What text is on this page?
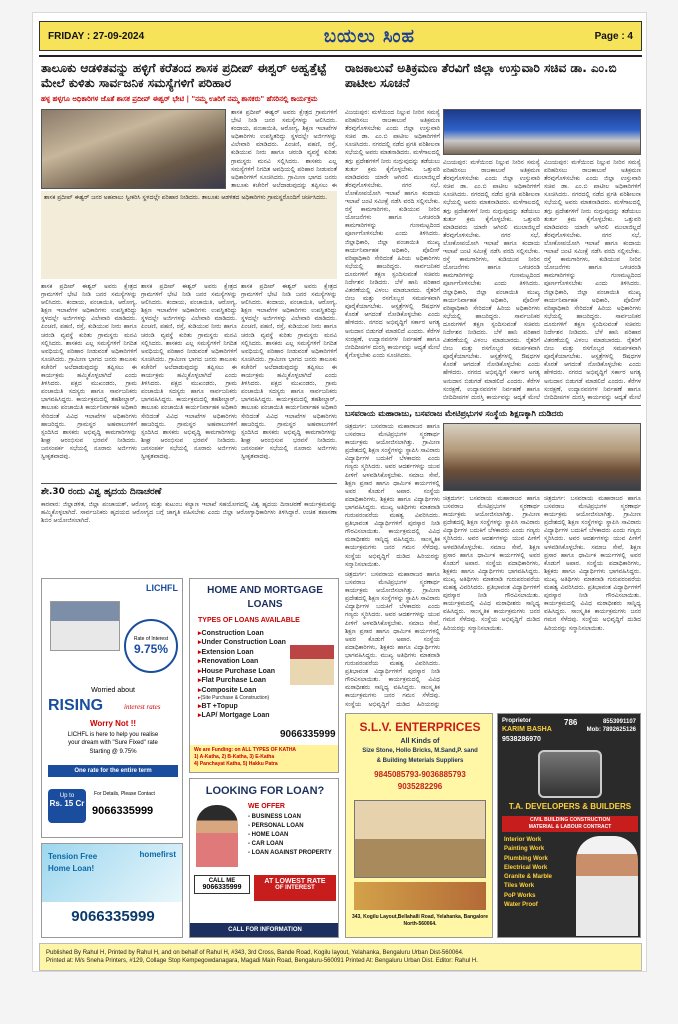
FRIDAY : 27-09-2024	ಬಯಲು ಸಿಂಹ	Page : 4
ತಾಲೂಕು ಆಡಳಿತವನ್ನು ಹಳ್ಳಿಗೆ ಕರೆತಂದ ಶಾಸಕ ಪ್ರದೀಪ್ ಈಶ್ವರ್ ಅಹ್ವತ್ತೆಟ್ಟೆ ಮೇಲೆ ಕುಳಿತು ಸಾರ್ವಜನಿಕ ಸಮಸ್ಯೆಗಳಿಗೆ ಪರಿಹಾರ
ಹಳ್ಳ ಹಳ್ಳಗೂ ಅಧಿಕಾರಿಗಳ ಜೊತೆ ಶಾಸಕ ಪ್ರದೀಪ್ ಈಶ್ವರ್ ಭೇಟಿ | "ನಮ್ಮ ಊರಿಗೆ ನಮ್ಮ ಶಾಸಕರು" ಹೆಸರಿನಲ್ಲಿ ಕಾರ್ಯಕ್ರಮ
ಶಾಸಕ ಪ್ರದೀಪ್ ಈಶ್ವರ್ ಜನರ ಅಹವಾಲು ಸ್ವೀಕರಿಸಿ ಸ್ಥಳದಲ್ಲೇ ಪರಿಹಾರ ನೀಡಿದರು. ತಾಲೂಕು ಆಡಳಿತದ ಅಧಿಕಾರಿಗಳು ಗ್ರಾಮಸ್ಥರೊಂದಿಗೆ ಚರ್ಚಿಸಿದರು.
ಶಾಸಕ ಪ್ರದೀಪ್ ಈಶ್ವರ್ ಅವರು ಕ್ಷೇತ್ರದ ಗ್ರಾಮಗಳಿಗೆ ಭೇಟಿ ನೀಡಿ ಜನರ ಸಮಸ್ಯೆಗಳನ್ನು ಆಲಿಸಿದರು. ಕಂದಾಯ, ಪಂಚಾಯಿತಿ, ಆರೋಗ್ಯ, ಶಿಕ್ಷಣ ಇಲಾಖೆಗಳ ಅಧಿಕಾರಿಗಳು ಉಪಸ್ಥಿತರಿದ್ದು ಸ್ಥಳದಲ್ಲೇ ಅರ್ಜಿಗಳನ್ನು ವಿಲೇವಾರಿ ಮಾಡಿದರು. ಪಿಂಚಣಿ, ಪಹಣಿ, ರಸ್ತೆ, ಕುಡಿಯುವ ನೀರು ಹಾಗೂ ಚರಂಡಿ ವ್ಯವಸ್ಥೆ ಕುರಿತು ಗ್ರಾಮಸ್ಥರು ಮನವಿ ಸಲ್ಲಿಸಿದರು. ಶಾಸಕರು ಎಲ್ಲ ಸಮಸ್ಯೆಗಳಿಗೆ ನಿಗದಿತ ಅವಧಿಯಲ್ಲಿ ಪರಿಹಾರ ನೀಡುವಂತೆ ಅಧಿಕಾರಿಗಳಿಗೆ ಸೂಚಿಸಿದರು. ಗ್ರಾಮೀಣ ಭಾಗದ ಜನರು ತಾಲೂಕು ಕಚೇರಿಗೆ ಅಲೆದಾಡುವುದನ್ನು ತಪ್ಪಿಸಲು ಈ
ಶಾಸಕ ಪ್ರದೀಪ್ ಈಶ್ವರ್ ಅವರು ಕ್ಷೇತ್ರದ ಗ್ರಾಮಗಳಿಗೆ ಭೇಟಿ ನೀಡಿ ಜನರ ಸಮಸ್ಯೆಗಳನ್ನು ಆಲಿಸಿದರು. ಕಂದಾಯ, ಪಂಚಾಯಿತಿ, ಆರೋಗ್ಯ, ಶಿಕ್ಷಣ ಇಲಾಖೆಗಳ ಅಧಿಕಾರಿಗಳು ಉಪಸ್ಥಿತರಿದ್ದು ಸ್ಥಳದಲ್ಲೇ ಅರ್ಜಿಗಳನ್ನು ವಿಲೇವಾರಿ ಮಾಡಿದರು. ಪಿಂಚಣಿ, ಪಹಣಿ, ರಸ್ತೆ, ಕುಡಿಯುವ ನೀರು ಹಾಗೂ ಚರಂಡಿ ವ್ಯವಸ್ಥೆ ಕುರಿತು ಗ್ರಾಮಸ್ಥರು ಮನವಿ ಸಲ್ಲಿಸಿದರು. ಶಾಸಕರು ಎಲ್ಲ ಸಮಸ್ಯೆಗಳಿಗೆ ನಿಗದಿತ ಅವಧಿಯಲ್ಲಿ ಪರಿಹಾರ ನೀಡುವಂತೆ ಅಧಿಕಾರಿಗಳಿಗೆ ಸೂಚಿಸಿದರು. ಗ್ರಾಮೀಣ ಭಾಗದ ಜನರು ತಾಲೂಕು ಕಚೇರಿಗೆ ಅಲೆದಾಡುವುದನ್ನು ತಪ್ಪಿಸಲು ಈ ಕಾರ್ಯಕ್ರಮ ಹಮ್ಮಿಕೊಳ್ಳಲಾಗಿದೆ ಎಂದು ತಿಳಿಸಿದರು. ಪಕ್ಷದ ಮುಖಂಡರು, ಗ್ರಾಮ ಪಂಚಾಯಿತಿ ಸದಸ್ಯರು ಹಾಗೂ ಸಾರ್ವಜನಿಕರು ಭಾಗವಹಿಸಿದ್ದರು. ಕಾರ್ಯಕ್ರಮದಲ್ಲಿ ತಹಶೀಲ್ದಾರ್, ತಾಲೂಕು ಪಂಚಾಯಿತಿ ಕಾರ್ಯನಿರ್ವಾಹಕ ಅಧಿಕಾರಿ ಸೇರಿದಂತೆ ವಿವಿಧ ಇಲಾಖೆಗಳ ಅಧಿಕಾರಿಗಳು ಹಾಜರಿದ್ದರು. ಗ್ರಾಮಸ್ಥರ ಅಹವಾಲುಗಳಿಗೆ ಸ್ಪಂದಿಸಿದ ಶಾಸಕರು ಅಭಿವೃದ್ಧಿ ಕಾಮಗಾರಿಗಳನ್ನು ಶೀಘ್ರ ಆರಂಭಿಸುವ ಭರವಸೆ ನೀಡಿದರು. ಜನಸಂಪರ್ಕ ಸಭೆಯಲ್ಲಿ ನೂರಾರು ಅರ್ಜಿಗಳು ಸ್ವೀಕೃತವಾದವು.
ಶಾಸಕ ಪ್ರದೀಪ್ ಈಶ್ವರ್ ಅವರು ಕ್ಷೇತ್ರದ ಗ್ರಾಮಗಳಿಗೆ ಭೇಟಿ ನೀಡಿ ಜನರ ಸಮಸ್ಯೆಗಳನ್ನು ಆಲಿಸಿದರು. ಕಂದಾಯ, ಪಂಚಾಯಿತಿ, ಆರೋಗ್ಯ, ಶಿಕ್ಷಣ ಇಲಾಖೆಗಳ ಅಧಿಕಾರಿಗಳು ಉಪಸ್ಥಿತರಿದ್ದು ಸ್ಥಳದಲ್ಲೇ ಅರ್ಜಿಗಳನ್ನು ವಿಲೇವಾರಿ ಮಾಡಿದರು. ಪಿಂಚಣಿ, ಪಹಣಿ, ರಸ್ತೆ, ಕುಡಿಯುವ ನೀರು ಹಾಗೂ ಚರಂಡಿ ವ್ಯವಸ್ಥೆ ಕುರಿತು ಗ್ರಾಮಸ್ಥರು ಮನವಿ ಸಲ್ಲಿಸಿದರು. ಶಾಸಕರು ಎಲ್ಲ ಸಮಸ್ಯೆಗಳಿಗೆ ನಿಗದಿತ ಅವಧಿಯಲ್ಲಿ ಪರಿಹಾರ ನೀಡುವಂತೆ ಅಧಿಕಾರಿಗಳಿಗೆ ಸೂಚಿಸಿದರು. ಗ್ರಾಮೀಣ ಭಾಗದ ಜನರು ತಾಲೂಕು ಕಚೇರಿಗೆ ಅಲೆದಾಡುವುದನ್ನು ತಪ್ಪಿಸಲು ಈ ಕಾರ್ಯಕ್ರಮ ಹಮ್ಮಿಕೊಳ್ಳಲಾಗಿದೆ ಎಂದು ತಿಳಿಸಿದರು. ಪಕ್ಷದ ಮುಖಂಡರು, ಗ್ರಾಮ ಪಂಚಾಯಿತಿ ಸದಸ್ಯರು ಹಾಗೂ ಸಾರ್ವಜನಿಕರು ಭಾಗವಹಿಸಿದ್ದರು. ಕಾರ್ಯಕ್ರಮದಲ್ಲಿ ತಹಶೀಲ್ದಾರ್, ತಾಲೂಕು ಪಂಚಾಯಿತಿ ಕಾರ್ಯನಿರ್ವಾಹಕ ಅಧಿಕಾರಿ ಸೇರಿದಂತೆ ವಿವಿಧ ಇಲಾಖೆಗಳ ಅಧಿಕಾರಿಗಳು ಹಾಜರಿದ್ದರು. ಗ್ರಾಮಸ್ಥರ ಅಹವಾಲುಗಳಿಗೆ ಸ್ಪಂದಿಸಿದ ಶಾಸಕರು ಅಭಿವೃದ್ಧಿ ಕಾಮಗಾರಿಗಳನ್ನು ಶೀಘ್ರ ಆರಂಭಿಸುವ ಭರವಸೆ ನೀಡಿದರು. ಜನಸಂಪರ್ಕ ಸಭೆಯಲ್ಲಿ ನೂರಾರು ಅರ್ಜಿಗಳು ಸ್ವೀಕೃತವಾದವು.
ಶಾಸಕ ಪ್ರದೀಪ್ ಈಶ್ವರ್ ಅವರು ಕ್ಷೇತ್ರದ ಗ್ರಾಮಗಳಿಗೆ ಭೇಟಿ ನೀಡಿ ಜನರ ಸಮಸ್ಯೆಗಳನ್ನು ಆಲಿಸಿದರು. ಕಂದಾಯ, ಪಂಚಾಯಿತಿ, ಆರೋಗ್ಯ, ಶಿಕ್ಷಣ ಇಲಾಖೆಗಳ ಅಧಿಕಾರಿಗಳು ಉಪಸ್ಥಿತರಿದ್ದು ಸ್ಥಳದಲ್ಲೇ ಅರ್ಜಿಗಳನ್ನು ವಿಲೇವಾರಿ ಮಾಡಿದರು. ಪಿಂಚಣಿ, ಪಹಣಿ, ರಸ್ತೆ, ಕುಡಿಯುವ ನೀರು ಹಾಗೂ ಚರಂಡಿ ವ್ಯವಸ್ಥೆ ಕುರಿತು ಗ್ರಾಮಸ್ಥರು ಮನವಿ ಸಲ್ಲಿಸಿದರು. ಶಾಸಕರು ಎಲ್ಲ ಸಮಸ್ಯೆಗಳಿಗೆ ನಿಗದಿತ ಅವಧಿಯಲ್ಲಿ ಪರಿಹಾರ ನೀಡುವಂತೆ ಅಧಿಕಾರಿಗಳಿಗೆ ಸೂಚಿಸಿದರು. ಗ್ರಾಮೀಣ ಭಾಗದ ಜನರು ತಾಲೂಕು ಕಚೇರಿಗೆ ಅಲೆದಾಡುವುದನ್ನು ತಪ್ಪಿಸಲು ಈ ಕಾರ್ಯಕ್ರಮ ಹಮ್ಮಿಕೊಳ್ಳಲಾಗಿದೆ ಎಂದು ತಿಳಿಸಿದರು. ಪಕ್ಷದ ಮುಖಂಡರು, ಗ್ರಾಮ ಪಂಚಾಯಿತಿ ಸದಸ್ಯರು ಹಾಗೂ ಸಾರ್ವಜನಿಕರು ಭಾಗವಹಿಸಿದ್ದರು. ಕಾರ್ಯಕ್ರಮದಲ್ಲಿ ತಹಶೀಲ್ದಾರ್, ತಾಲೂಕು ಪಂಚಾಯಿತಿ ಕಾರ್ಯನಿರ್ವಾಹಕ ಅಧಿಕಾರಿ ಸೇರಿದಂತೆ ವಿವಿಧ ಇಲಾಖೆಗಳ ಅಧಿಕಾರಿಗಳು ಹಾಜರಿದ್ದರು. ಗ್ರಾಮಸ್ಥರ ಅಹವಾಲುಗಳಿಗೆ ಸ್ಪಂದಿಸಿದ ಶಾಸಕರು ಅಭಿವೃದ್ಧಿ ಕಾಮಗಾರಿಗಳನ್ನು ಶೀಘ್ರ ಆರಂಭಿಸುವ ಭರವಸೆ ನೀಡಿದರು. ಜನಸಂಪರ್ಕ ಸಭೆಯಲ್ಲಿ ನೂರಾರು ಅರ್ಜಿಗಳು ಸ್ವೀಕೃತವಾದವು.
ಶೇ.30 ರಂದು ವಿಶ್ವ ಹೃದಯ ದಿನಾಚರಣೆ
ಕಾರವಾರ: ಜಿಲ್ಲಾಡಳಿತ, ಜಿಲ್ಲಾ ಪಂಚಾಯತ್, ಆರೋಗ್ಯ ಮತ್ತು ಕುಟುಂಬ ಕಲ್ಯಾಣ ಇಲಾಖೆ ಸಹಯೋಗದಲ್ಲಿ ವಿಶ್ವ ಹೃದಯ ದಿನಾಚರಣೆ ಕಾರ್ಯಕ್ರಮವನ್ನು ಹಮ್ಮಿಕೊಳ್ಳಲಾಗಿದೆ. ಸಾರ್ವಜನಿಕರು ಹೃದಯದ ಆರೋಗ್ಯದ ಬಗ್ಗೆ ಜಾಗೃತಿ ವಹಿಸಬೇಕು ಎಂದು ಜಿಲ್ಲಾ ಆರೋಗ್ಯಾಧಿಕಾರಿಗಳು ತಿಳಿಸಿದ್ದಾರೆ. ಉಚಿತ ತಪಾಸಣಾ ಶಿಬಿರ ಆಯೋಜಿಸಲಾಗಿದೆ.
ರಾಜಕಾಲುವೆ ಅತಿಕ್ರಮಣ ತೆರವಿಗೆ ಜಿಲ್ಲಾ ಉಸ್ತುವಾರಿ ಸಚಿವ ಡಾ. ಎಂ.ಬಿ ಪಾಟೀಲ ಸೂಚನೆ
ವಿಜಯಪುರ: ಮಳೆಯಿಂದ ನಿಲ್ಲುವ ನೀರಿನ ಸಮಸ್ಯೆ ಪರಿಹರಿಸಲು ರಾಜಕಾಲುವೆ ಅತಿಕ್ರಮಣ ತೆರವುಗೊಳಿಸಬೇಕು ಎಂದು ಜಿಲ್ಲಾ ಉಸ್ತುವಾರಿ ಸಚಿವ ಡಾ. ಎಂ.ಬಿ ಪಾಟೀಲ ಅಧಿಕಾರಿಗಳಿಗೆ ಸೂಚಿಸಿದರು. ನಗರದಲ್ಲಿ ನಡೆದ ಪ್ರಗತಿ ಪರಿಶೀಲನಾ ಸಭೆಯಲ್ಲಿ ಅವರು ಮಾತನಾಡಿದರು. ಮಳೆಗಾಲದಲ್ಲಿ ತಗ್ಗು ಪ್ರದೇಶಗಳಿಗೆ ನೀರು ನುಗ್ಗುವುದನ್ನು ತಡೆಯಲು ತುರ್ತು ಕ್ರಮ ಕೈಗೊಳ್ಳಬೇಕು. ಒತ್ತುವರಿ ಮಾಡಿದವರು ಯಾರೇ ಆಗಿರಲಿ ಮುಲಾಜಿಲ್ಲದೆ ತೆರವುಗೊಳಿಸಬೇಕು. ನಗರ ಸಭೆ, ಲೋಕೋಪಯೋಗಿ ಇಲಾಖೆ ಹಾಗೂ ಕಂದಾಯ ಇಲಾಖೆ ಜಂಟಿ ಸಮೀಕ್ಷೆ ನಡೆಸಿ ವರದಿ ಸಲ್ಲಿಸಬೇಕು. ರಸ್ತೆ ಕಾಮಗಾರಿಗಳು, ಕುಡಿಯುವ ನೀರಿನ ಯೋಜನೆಗಳು ಹಾಗೂ ಒಳಚರಂಡಿ ಕಾಮಗಾರಿಗಳನ್ನು ಗುಣಮಟ್ಟದಿಂದ ಪೂರ್ಣಗೊಳಿಸಬೇಕು ಎಂದು ತಿಳಿಸಿದರು. ಜಿಲ್ಲಾಧಿಕಾರಿ, ಜಿಲ್ಲಾ ಪಂಚಾಯಿತಿ ಮುಖ್ಯ ಕಾರ್ಯನಿರ್ವಾಹಕ ಅಧಿಕಾರಿ, ಪೊಲೀಸ್ ವರಿಷ್ಠಾಧಿಕಾರಿ ಸೇರಿದಂತೆ ಹಿರಿಯ ಅಧಿಕಾರಿಗಳು ಸಭೆಯಲ್ಲಿ ಹಾಜರಿದ್ದರು. ಸಾರ್ವಜನಿಕರ ದೂರುಗಳಿಗೆ ತಕ್ಷಣ ಸ್ಪಂದಿಸುವಂತೆ ಸಚಿವರು ನಿರ್ದೇಶನ ನೀಡಿದರು. ಬೆಳೆ ಹಾನಿ ಪರಿಹಾರ ವಿತರಣೆಯಲ್ಲಿ ವಿಳಂಬ ಮಾಡಬಾರದು. ರೈತರಿಗೆ ಬೀಜ ಮತ್ತು ರಸಗೊಬ್ಬರ ಸಮರ್ಪಕವಾಗಿ ಪೂರೈಕೆಯಾಗಬೇಕು. ಆಸ್ಪತ್ರೆಗಳಲ್ಲಿ ಔಷಧಗಳ ಕೊರತೆ ಆಗದಂತೆ ನೋಡಿಕೊಳ್ಳಬೇಕು ಎಂದು ಹೇಳಿದರು. ನಗರದ ಅಭಿವೃದ್ಧಿಗೆ ಸರ್ಕಾರ ಅಗತ್ಯ ಅನುದಾನ ಬಿಡುಗಡೆ ಮಾಡಲಿದೆ ಎಂದರು. ಕೆರೆಗಳ ಸಂರಕ್ಷಣೆ, ಉದ್ಯಾನವನಗಳ ನಿರ್ವಹಣೆ ಹಾಗೂ ಬೀದಿದೀಪಗಳ ದುರಸ್ತಿ ಕಾರ್ಯವನ್ನು ಆದ್ಯತೆ ಮೇಲೆ ಕೈಗೊಳ್ಳಬೇಕು ಎಂದು ಸೂಚಿಸಿದರು.
ವಿಜಯಪುರ: ಮಳೆಯಿಂದ ನಿಲ್ಲುವ ನೀರಿನ ಸಮಸ್ಯೆ ಪರಿಹರಿಸಲು ರಾಜಕಾಲುವೆ ಅತಿಕ್ರಮಣ ತೆರವುಗೊಳಿಸಬೇಕು ಎಂದು ಜಿಲ್ಲಾ ಉಸ್ತುವಾರಿ ಸಚಿವ ಡಾ. ಎಂ.ಬಿ ಪಾಟೀಲ ಅಧಿಕಾರಿಗಳಿಗೆ ಸೂಚಿಸಿದರು. ನಗರದಲ್ಲಿ ನಡೆದ ಪ್ರಗತಿ ಪರಿಶೀಲನಾ ಸಭೆಯಲ್ಲಿ ಅವರು ಮಾತನಾಡಿದರು. ಮಳೆಗಾಲದಲ್ಲಿ ತಗ್ಗು ಪ್ರದೇಶಗಳಿಗೆ ನೀರು ನುಗ್ಗುವುದನ್ನು ತಡೆಯಲು ತುರ್ತು ಕ್ರಮ ಕೈಗೊಳ್ಳಬೇಕು. ಒತ್ತುವರಿ ಮಾಡಿದವರು ಯಾರೇ ಆಗಿರಲಿ ಮುಲಾಜಿಲ್ಲದೆ ತೆರವುಗೊಳಿಸಬೇಕು. ನಗರ ಸಭೆ, ಲೋಕೋಪಯೋಗಿ ಇಲಾಖೆ ಹಾಗೂ ಕಂದಾಯ ಇಲಾಖೆ ಜಂಟಿ ಸಮೀಕ್ಷೆ ನಡೆಸಿ ವರದಿ ಸಲ್ಲಿಸಬೇಕು. ರಸ್ತೆ ಕಾಮಗಾರಿಗಳು, ಕುಡಿಯುವ ನೀರಿನ ಯೋಜನೆಗಳು ಹಾಗೂ ಒಳಚರಂಡಿ ಕಾಮಗಾರಿಗಳನ್ನು ಗುಣಮಟ್ಟದಿಂದ ಪೂರ್ಣಗೊಳಿಸಬೇಕು ಎಂದು ತಿಳಿಸಿದರು. ಜಿಲ್ಲಾಧಿಕಾರಿ, ಜಿಲ್ಲಾ ಪಂಚಾಯಿತಿ ಮುಖ್ಯ ಕಾರ್ಯನಿರ್ವಾಹಕ ಅಧಿಕಾರಿ, ಪೊಲೀಸ್ ವರಿಷ್ಠಾಧಿಕಾರಿ ಸೇರಿದಂತೆ ಹಿರಿಯ ಅಧಿಕಾರಿಗಳು ಸಭೆಯಲ್ಲಿ ಹಾಜರಿದ್ದರು. ಸಾರ್ವಜನಿಕರ ದೂರುಗಳಿಗೆ ತಕ್ಷಣ ಸ್ಪಂದಿಸುವಂತೆ ಸಚಿವರು ನಿರ್ದೇಶನ ನೀಡಿದರು. ಬೆಳೆ ಹಾನಿ ಪರಿಹಾರ ವಿತರಣೆಯಲ್ಲಿ ವಿಳಂಬ ಮಾಡಬಾರದು. ರೈತರಿಗೆ ಬೀಜ ಮತ್ತು ರಸಗೊಬ್ಬರ ಸಮರ್ಪಕವಾಗಿ ಪೂರೈಕೆಯಾಗಬೇಕು. ಆಸ್ಪತ್ರೆಗಳಲ್ಲಿ ಔಷಧಗಳ ಕೊರತೆ ಆಗದಂತೆ ನೋಡಿಕೊಳ್ಳಬೇಕು ಎಂದು ಹೇಳಿದರು. ನಗರದ ಅಭಿವೃದ್ಧಿಗೆ ಸರ್ಕಾರ ಅಗತ್ಯ ಅನುದಾನ ಬಿಡುಗಡೆ ಮಾಡಲಿದೆ ಎಂದರು. ಕೆರೆಗಳ ಸಂರಕ್ಷಣೆ, ಉದ್ಯಾನವನಗಳ ನಿರ್ವಹಣೆ ಹಾಗೂ ಬೀದಿದೀಪಗಳ ದುರಸ್ತಿ ಕಾರ್ಯವನ್ನು ಆದ್ಯತೆ ಮೇಲೆ
ವಿಜಯಪುರ: ಮಳೆಯಿಂದ ನಿಲ್ಲುವ ನೀರಿನ ಸಮಸ್ಯೆ ಪರಿಹರಿಸಲು ರಾಜಕಾಲುವೆ ಅತಿಕ್ರಮಣ ತೆರವುಗೊಳಿಸಬೇಕು ಎಂದು ಜಿಲ್ಲಾ ಉಸ್ತುವಾರಿ ಸಚಿವ ಡಾ. ಎಂ.ಬಿ ಪಾಟೀಲ ಅಧಿಕಾರಿಗಳಿಗೆ ಸೂಚಿಸಿದರು. ನಗರದಲ್ಲಿ ನಡೆದ ಪ್ರಗತಿ ಪರಿಶೀಲನಾ ಸಭೆಯಲ್ಲಿ ಅವರು ಮಾತನಾಡಿದರು. ಮಳೆಗಾಲದಲ್ಲಿ ತಗ್ಗು ಪ್ರದೇಶಗಳಿಗೆ ನೀರು ನುಗ್ಗುವುದನ್ನು ತಡೆಯಲು ತುರ್ತು ಕ್ರಮ ಕೈಗೊಳ್ಳಬೇಕು. ಒತ್ತುವರಿ ಮಾಡಿದವರು ಯಾರೇ ಆಗಿರಲಿ ಮುಲಾಜಿಲ್ಲದೆ ತೆರವುಗೊಳಿಸಬೇಕು. ನಗರ ಸಭೆ, ಲೋಕೋಪಯೋಗಿ ಇಲಾಖೆ ಹಾಗೂ ಕಂದಾಯ ಇಲಾಖೆ ಜಂಟಿ ಸಮೀಕ್ಷೆ ನಡೆಸಿ ವರದಿ ಸಲ್ಲಿಸಬೇಕು. ರಸ್ತೆ ಕಾಮಗಾರಿಗಳು, ಕುಡಿಯುವ ನೀರಿನ ಯೋಜನೆಗಳು ಹಾಗೂ ಒಳಚರಂಡಿ ಕಾಮಗಾರಿಗಳನ್ನು ಗುಣಮಟ್ಟದಿಂದ ಪೂರ್ಣಗೊಳಿಸಬೇಕು ಎಂದು ತಿಳಿಸಿದರು. ಜಿಲ್ಲಾಧಿಕಾರಿ, ಜಿಲ್ಲಾ ಪಂಚಾಯಿತಿ ಮುಖ್ಯ ಕಾರ್ಯನಿರ್ವಾಹಕ ಅಧಿಕಾರಿ, ಪೊಲೀಸ್ ವರಿಷ್ಠಾಧಿಕಾರಿ ಸೇರಿದಂತೆ ಹಿರಿಯ ಅಧಿಕಾರಿಗಳು ಸಭೆಯಲ್ಲಿ ಹಾಜರಿದ್ದರು. ಸಾರ್ವಜನಿಕರ ದೂರುಗಳಿಗೆ ತಕ್ಷಣ ಸ್ಪಂದಿಸುವಂತೆ ಸಚಿವರು ನಿರ್ದೇಶನ ನೀಡಿದರು. ಬೆಳೆ ಹಾನಿ ಪರಿಹಾರ ವಿತರಣೆಯಲ್ಲಿ ವಿಳಂಬ ಮಾಡಬಾರದು. ರೈತರಿಗೆ ಬೀಜ ಮತ್ತು ರಸಗೊಬ್ಬರ ಸಮರ್ಪಕವಾಗಿ ಪೂರೈಕೆಯಾಗಬೇಕು. ಆಸ್ಪತ್ರೆಗಳಲ್ಲಿ ಔಷಧಗಳ ಕೊರತೆ ಆಗದಂತೆ ನೋಡಿಕೊಳ್ಳಬೇಕು ಎಂದು ಹೇಳಿದರು. ನಗರದ ಅಭಿವೃದ್ಧಿಗೆ ಸರ್ಕಾರ ಅಗತ್ಯ ಅನುದಾನ ಬಿಡುಗಡೆ ಮಾಡಲಿದೆ ಎಂದರು. ಕೆರೆಗಳ ಸಂರಕ್ಷಣೆ, ಉದ್ಯಾನವನಗಳ ನಿರ್ವಹಣೆ ಹಾಗೂ ಬೀದಿದೀಪಗಳ ದುರಸ್ತಿ ಕಾರ್ಯವನ್ನು ಆದ್ಯತೆ ಮೇಲೆ
ಬಸವರಾಯ ಮಹಾರಾಜು, ಬಸವರಾಜ ಮೇಟಿಪ್ರಭುಗಳ ಸಂಸ್ಥೆಯ ಶಿಕ್ಷಣಕ್ಕಾಗಿ ದುಡಿದರು
ಚಿತ್ರದುರ್ಗ: ಬಸವರಾಯ ಮಹಾರಾಜರ ಹಾಗೂ ಬಸವರಾಜ ಮೇಟಿಪ್ರಭುಗಳ ಸ್ಮರಣಾರ್ಥ ಕಾರ್ಯಕ್ರಮ ಆಯೋಜಿಸಲಾಗಿತ್ತು. ಗ್ರಾಮೀಣ ಪ್ರದೇಶದಲ್ಲಿ ಶಿಕ್ಷಣ ಸಂಸ್ಥೆಗಳನ್ನು ಸ್ಥಾಪಿಸಿ ಸಾವಿರಾರು ವಿದ್ಯಾರ್ಥಿಗಳ ಬದುಕಿಗೆ ಬೆಳಕಾದರು ಎಂದು ಗಣ್ಯರು ಸ್ಮರಿಸಿದರು. ಅವರ ಆದರ್ಶಗಳನ್ನು ಯುವ ಪೀಳಿಗೆ ಅಳವಡಿಸಿಕೊಳ್ಳಬೇಕು. ಸಮಾಜ ಸೇವೆ, ಶಿಕ್ಷಣ ಪ್ರಸಾರ ಹಾಗೂ ಧಾರ್ಮಿಕ ಕಾರ್ಯಗಳಲ್ಲಿ ಅವರ ಕೊಡುಗೆ ಅಪಾರ. ಸಂಸ್ಥೆಯ ಪದಾಧಿಕಾರಿಗಳು, ಶಿಕ್ಷಕರು ಹಾಗೂ ವಿದ್ಯಾರ್ಥಿಗಳು ಭಾಗವಹಿಸಿದ್ದರು. ಮುಖ್ಯ ಅತಿಥಿಗಳು ಮಾತನಾಡಿ ಗುರುಪರಂಪರೆಯ ಮಹತ್ವ ವಿವರಿಸಿದರು. ಪ್ರತಿಭಾವಂತ ವಿದ್ಯಾರ್ಥಿಗಳಿಗೆ ಪುರಸ್ಕಾರ ನೀಡಿ ಗೌರವಿಸಲಾಯಿತು. ಕಾರ್ಯಕ್ರಮದಲ್ಲಿ ವಿವಿಧ ಮಠಾಧೀಶರು ಸಾನ್ನಿಧ್ಯ ವಹಿಸಿದ್ದರು. ಸಾಂಸ್ಕೃತಿಕ ಕಾರ್ಯಕ್ರಮಗಳು ಜನರ ಗಮನ ಸೆಳೆದವು. ಸಂಸ್ಥೆಯ ಅಭಿವೃದ್ಧಿಗೆ ದುಡಿದ ಹಿರಿಯರನ್ನು ಸನ್ಮಾನಿಸಲಾಯಿತು.
ಚಿತ್ರದುರ್ಗ: ಬಸವರಾಯ ಮಹಾರಾಜರ ಹಾಗೂ ಬಸವರಾಜ ಮೇಟಿಪ್ರಭುಗಳ ಸ್ಮರಣಾರ್ಥ ಕಾರ್ಯಕ್ರಮ ಆಯೋಜಿಸಲಾಗಿತ್ತು. ಗ್ರಾಮೀಣ ಪ್ರದೇಶದಲ್ಲಿ ಶಿಕ್ಷಣ ಸಂಸ್ಥೆಗಳನ್ನು ಸ್ಥಾಪಿಸಿ ಸಾವಿರಾರು ವಿದ್ಯಾರ್ಥಿಗಳ ಬದುಕಿಗೆ ಬೆಳಕಾದರು ಎಂದು ಗಣ್ಯರು ಸ್ಮರಿಸಿದರು. ಅವರ ಆದರ್ಶಗಳನ್ನು ಯುವ ಪೀಳಿಗೆ ಅಳವಡಿಸಿಕೊಳ್ಳಬೇಕು. ಸಮಾಜ ಸೇವೆ, ಶಿಕ್ಷಣ ಪ್ರಸಾರ ಹಾಗೂ ಧಾರ್ಮಿಕ ಕಾರ್ಯಗಳಲ್ಲಿ ಅವರ ಕೊಡುಗೆ ಅಪಾರ. ಸಂಸ್ಥೆಯ ಪದಾಧಿಕಾರಿಗಳು, ಶಿಕ್ಷಕರು ಹಾಗೂ ವಿದ್ಯಾರ್ಥಿಗಳು ಭಾಗವಹಿಸಿದ್ದರು. ಮುಖ್ಯ ಅತಿಥಿಗಳು ಮಾತನಾಡಿ ಗುರುಪರಂಪರೆಯ ಮಹತ್ವ ವಿವರಿಸಿದರು. ಪ್ರತಿಭಾವಂತ ವಿದ್ಯಾರ್ಥಿಗಳಿಗೆ ಪುರಸ್ಕಾರ ನೀಡಿ ಗೌರವಿಸಲಾಯಿತು. ಕಾರ್ಯಕ್ರಮದಲ್ಲಿ ವಿವಿಧ ಮಠಾಧೀಶರು ಸಾನ್ನಿಧ್ಯ ವಹಿಸಿದ್ದರು. ಸಾಂಸ್ಕೃತಿಕ ಕಾರ್ಯಕ್ರಮಗಳು ಜನರ ಗಮನ ಸೆಳೆದವು. ಸಂಸ್ಥೆಯ ಅಭಿವೃದ್ಧಿಗೆ ದುಡಿದ ಹಿರಿಯರನ್ನು ಸನ್ಮಾನಿಸಲಾಯಿತು.
ಚಿತ್ರದುರ್ಗ: ಬಸವರಾಯ ಮಹಾರಾಜರ ಹಾಗೂ ಬಸವರಾಜ ಮೇಟಿಪ್ರಭುಗಳ ಸ್ಮರಣಾರ್ಥ ಕಾರ್ಯಕ್ರಮ ಆಯೋಜಿಸಲಾಗಿತ್ತು. ಗ್ರಾಮೀಣ ಪ್ರದೇಶದಲ್ಲಿ ಶಿಕ್ಷಣ ಸಂಸ್ಥೆಗಳನ್ನು ಸ್ಥಾಪಿಸಿ ಸಾವಿರಾರು ವಿದ್ಯಾರ್ಥಿಗಳ ಬದುಕಿಗೆ ಬೆಳಕಾದರು ಎಂದು ಗಣ್ಯರು ಸ್ಮರಿಸಿದರು. ಅವರ ಆದರ್ಶಗಳನ್ನು ಯುವ ಪೀಳಿಗೆ ಅಳವಡಿಸಿಕೊಳ್ಳಬೇಕು. ಸಮಾಜ ಸೇವೆ, ಶಿಕ್ಷಣ ಪ್ರಸಾರ ಹಾಗೂ ಧಾರ್ಮಿಕ ಕಾರ್ಯಗಳಲ್ಲಿ ಅವರ ಕೊಡುಗೆ ಅಪಾರ. ಸಂಸ್ಥೆಯ ಪದಾಧಿಕಾರಿಗಳು, ಶಿಕ್ಷಕರು ಹಾಗೂ ವಿದ್ಯಾರ್ಥಿಗಳು ಭಾಗವಹಿಸಿದ್ದರು. ಮುಖ್ಯ ಅತಿಥಿಗಳು ಮಾತನಾಡಿ ಗುರುಪರಂಪರೆಯ ಮಹತ್ವ ವಿವರಿಸಿದರು. ಪ್ರತಿಭಾವಂತ ವಿದ್ಯಾರ್ಥಿಗಳಿಗೆ ಪುರಸ್ಕಾರ ನೀಡಿ ಗೌರವಿಸಲಾಯಿತು. ಕಾರ್ಯಕ್ರಮದಲ್ಲಿ ವಿವಿಧ ಮಠಾಧೀಶರು ಸಾನ್ನಿಧ್ಯ ವಹಿಸಿದ್ದರು. ಸಾಂಸ್ಕೃತಿಕ ಕಾರ್ಯಕ್ರಮಗಳು ಜನರ ಗಮನ ಸೆಳೆದವು. ಸಂಸ್ಥೆಯ ಅಭಿವೃದ್ಧಿಗೆ ದುಡಿದ ಹಿರಿಯರನ್ನು ಸನ್ಮಾನಿಸಲಾಯಿತು.
ಚಿತ್ರದುರ್ಗ: ಬಸವರಾಯ ಮಹಾರಾಜರ ಹಾಗೂ ಬಸವರಾಜ ಮೇಟಿಪ್ರಭುಗಳ ಸ್ಮರಣಾರ್ಥ ಕಾರ್ಯಕ್ರಮ ಆಯೋಜಿಸಲಾಗಿತ್ತು. ಗ್ರಾಮೀಣ ಪ್ರದೇಶದಲ್ಲಿ ಶಿಕ್ಷಣ ಸಂಸ್ಥೆಗಳನ್ನು ಸ್ಥಾಪಿಸಿ ಸಾವಿರಾರು ವಿದ್ಯಾರ್ಥಿಗಳ ಬದುಕಿಗೆ ಬೆಳಕಾದರು ಎಂದು ಗಣ್ಯರು ಸ್ಮರಿಸಿದರು. ಅವರ ಆದರ್ಶಗಳನ್ನು ಯುವ ಪೀಳಿಗೆ ಅಳವಡಿಸಿಕೊಳ್ಳಬೇಕು. ಸಮಾಜ ಸೇವೆ, ಶಿಕ್ಷಣ ಪ್ರಸಾರ ಹಾಗೂ ಧಾರ್ಮಿಕ ಕಾರ್ಯಗಳಲ್ಲಿ ಅವರ ಕೊಡುಗೆ ಅಪಾರ. ಸಂಸ್ಥೆಯ ಪದಾಧಿಕಾರಿಗಳು, ಶಿಕ್ಷಕರು ಹಾಗೂ ವಿದ್ಯಾರ್ಥಿಗಳು ಭಾಗವಹಿಸಿದ್ದರು. ಮುಖ್ಯ ಅತಿಥಿಗಳು ಮಾತನಾಡಿ ಗುರುಪರಂಪರೆಯ ಮಹತ್ವ ವಿವರಿಸಿದರು. ಪ್ರತಿಭಾವಂತ ವಿದ್ಯಾರ್ಥಿಗಳಿಗೆ ಪುರಸ್ಕಾರ ನೀಡಿ ಗೌರವಿಸಲಾಯಿತು. ಕಾರ್ಯಕ್ರಮದಲ್ಲಿ ವಿವಿಧ ಮಠಾಧೀಶರು ಸಾನ್ನಿಧ್ಯ ವಹಿಸಿದ್ದರು. ಸಾಂಸ್ಕೃತಿಕ ಕಾರ್ಯಕ್ರಮಗಳು ಜನರ ಗಮನ ಸೆಳೆದವು. ಸಂಸ್ಥೆಯ ಅಭಿವೃದ್ಧಿಗೆ ದುಡಿದ ಹಿರಿಯರನ್ನು
LICHFL
Rate of Interest
9.75%
Worried about
RISING	interest rates
Worry Not !!
LICHFL is here to help you realise
your dream with "Sure Fixed" rate
Starting @ 9.75%
One rate for the entire term
Up to
Rs. 15 Cr
For Details, Please Contact
9066335999
Tension Free
Home Loan!
homefirst
9066335999
HOME AND MORTGAGE
LOANS
TYPES OF LOANS AVAILABLE
▸ Construction Loan
▸ Under Construction Loan
▸ Extension Loan
▸ Renovation Loan
▸ House Purchase Loan
▸ Flat Purchase Loan
▸ Composite Loan
▸ (Site Purchase & Construction)
▸ BT +Topup
▸ LAP/ Mortgage Loan
9066335999
We are Funding: on ALL TYPES OF KATHA
1) A-Katha, 2) B-Katha, 3) E-Katha
4) Panchayat Katha, 5) Hakku Patra
LOOKING FOR LOAN?
WE OFFER
- BUSINESS LOAN
- PERSONAL LOAN
- HOME LOAN
- CAR LOAN
- LOAN AGAINST PROPERTY
CALL ME
9066335999
AT LOWEST RATE
OF INTEREST
CALL FOR INFORMATION
S.L.V. ENTERPRICES
All Kinds of
Size Stone, Hollo Bricks, M.Sand,P. sand
& Building Meterials Suppliers
9845085793-9036885793
9035282296
343, Kogilu Layout,Bellahalli Road, Yelahanka, Bangalore North-560064.
Proprietor
KARIM BASHA
9538286970
786	8553991107
Mob: 7892625126
T.A. DEVELOPERS & BUILDERS
CIVIL BUILDING CONSTRUCTION
MATERIAL & LABOUR CONTRACT
Interior Work
Painting Work
Plumbing Work
Electrical Work
Granite & Marble
Tiles Work
PoP Works
Water Proof
Published By Rahul H, Printed by Rahul H, and on behalf of Rahul H, #343, 3rd Cross, Bande Road, Kogilu layout, Yelahanka, Bengaluru Urban Dist-560064.
Printed at: M/s Sneha Printers, #129, Collage Stop Kempegowdanagara, Magadi Main Road, Bengaluru-560091 Printed At: Bengaluru Urban Dist. Editor: Rahul H.
